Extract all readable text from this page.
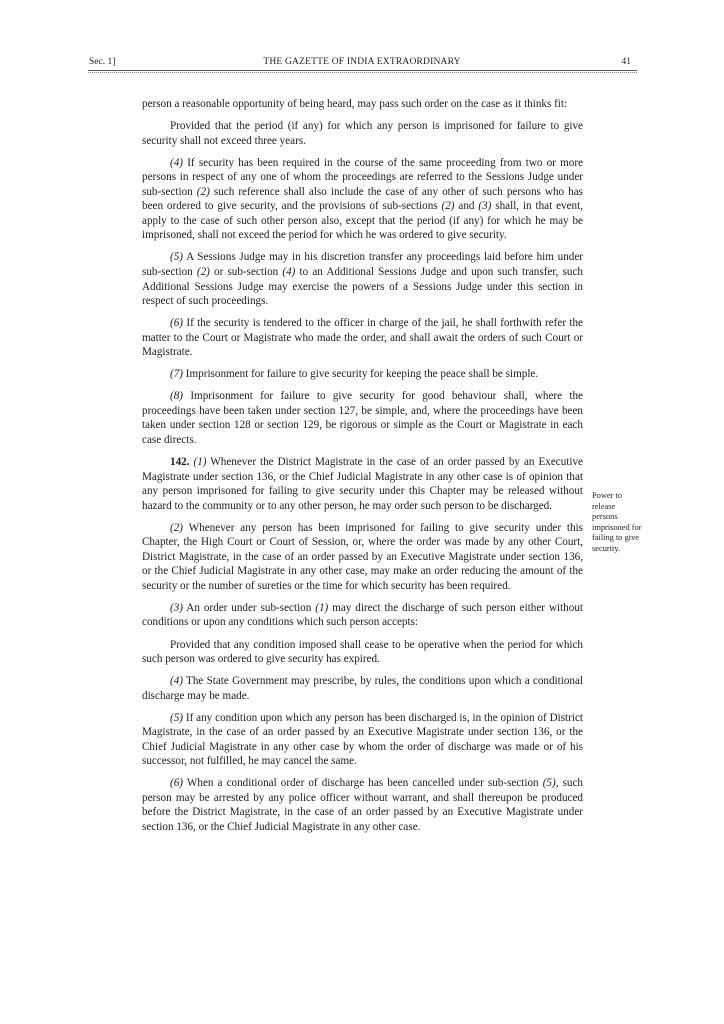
Sec. 1]	THE GAZETTE OF INDIA EXTRAORDINARY	41

person a reasonable opportunity of being heard, may pass such order on the case as it thinks fit:

Provided that the period (if any) for which any person is imprisoned for failure to give security shall not exceed three years.

(4) If security has been required in the course of the same proceeding from two or more persons in respect of any one of whom the proceedings are referred to the Sessions Judge under sub-section (2) such reference shall also include the case of any other of such persons who has been ordered to give security, and the provisions of sub-sections (2) and (3) shall, in that event, apply to the case of such other person also, except that the period (if any) for which he may be imprisoned, shall not exceed the period for which he was ordered to give security.

(5) A Sessions Judge may in his discretion transfer any proceedings laid before him under sub-section (2) or sub-section (4) to an Additional Sessions Judge and upon such transfer, such Additional Sessions Judge may exercise the powers of a Sessions Judge under this section in respect of such proceedings.

(6) If the security is tendered to the officer in charge of the jail, he shall forthwith refer the matter to the Court or Magistrate who made the order, and shall await the orders of such Court or Magistrate.

(7) Imprisonment for failure to give security for keeping the peace shall be simple.

(8) Imprisonment for failure to give security for good behaviour shall, where the proceedings have been taken under section 127, be simple, and, where the proceedings have been taken under section 128 or section 129, be rigorous or simple as the Court or Magistrate in each case directs.

142. (1) Whenever the District Magistrate in the case of an order passed by an Executive Magistrate under section 136, or the Chief Judicial Magistrate in any other case is of opinion that any person imprisoned for failing to give security under this Chapter may be released without hazard to the community or to any other person, he may order such person to be discharged.

(2) Whenever any person has been imprisoned for failing to give security under this Chapter, the High Court or Court of Session, or, where the order was made by any other Court, District Magistrate, in the case of an order passed by an Executive Magistrate under section 136, or the Chief Judicial Magistrate in any other case, may make an order reducing the amount of the security or the number of sureties or the time for which security has been required.

(3) An order under sub-section (1) may direct the discharge of such person either without conditions or upon any conditions which such person accepts:

Provided that any condition imposed shall cease to be operative when the period for which such person was ordered to give security has expired.

(4) The State Government may prescribe, by rules, the conditions upon which a conditional discharge may be made.

(5) If any condition upon which any person has been discharged is, in the opinion of District Magistrate, in the case of an order passed by an Executive Magistrate under section 136, or the Chief Judicial Magistrate in any other case by whom the order of discharge was made or of his successor, not fulfilled, he may cancel the same.

(6) When a conditional order of discharge has been cancelled under sub-section (5), such person may be arrested by any police officer without warrant, and shall thereupon be produced before the District Magistrate, in the case of an order passed by an Executive Magistrate under section 136, or the Chief Judicial Magistrate in any other case.

Power to
release
persons
imprisoned for
failing to give
security.
